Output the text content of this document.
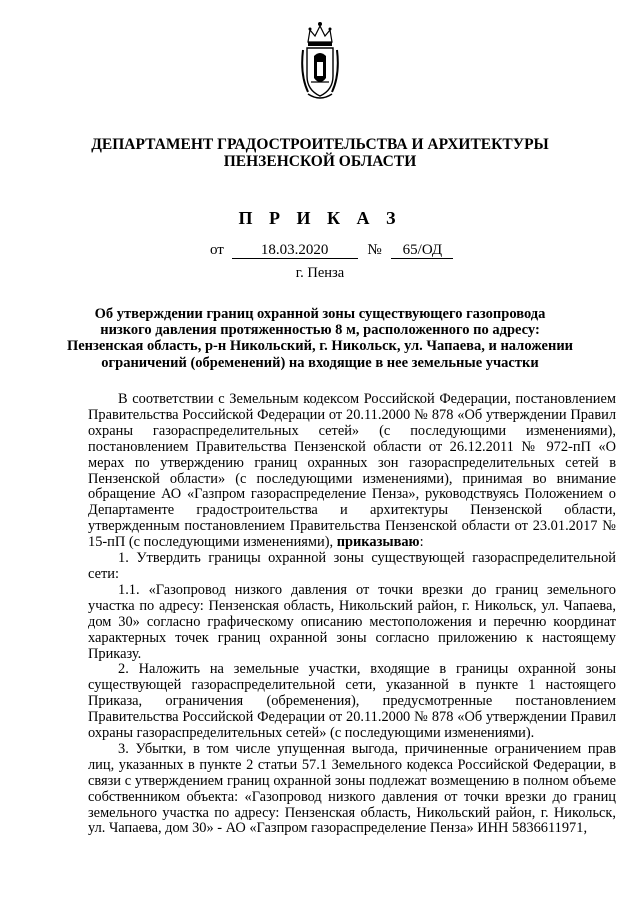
ДЕПАРТАМЕНТ ГРАДОСТРОИТЕЛЬСТВА И АРХИТЕКТУРЫ
ПЕНЗЕНСКОЙ ОБЛАСТИ
П Р И К А З
от 18.03.2020	№ 65/ОД
г. Пенза
Об утверждении границ охранной зоны существующего газопровода
низкого давления протяженностью 8 м, расположенного по адресу:
Пензенская область, р-н Никольский, г. Никольск, ул. Чапаева, и наложении
ограничений (обременений) на входящие в нее земельные участки

В соответствии с Земельным кодексом Российской Федерации, постановлением Правительства Российской Федерации от 20.11.2000 № 878 «Об утверждении Правил охраны газораспределительных сетей» (с последующими изменениями), постановлением Правительства Пензенской области от 26.12.2011 № 972-пП «О мерах по утверждению границ охранных зон газораспределительных сетей в Пензенской области» (с последующими изменениями), принимая во внимание обращение АО «Газпром газораспределение Пенза», руководствуясь Положением о Департаменте градостроительства и архитектуры Пензенской области, утвержденным постановлением Правительства Пензенской области от 23.01.2017 № 15-пП (с последующими изменениями), приказываю:

1. Утвердить границы охранной зоны существующей газораспределительной сети:

1.1. «Газопровод низкого давления от точки врезки до границ земельного участка по адресу: Пензенская область, Никольский район, г. Никольск, ул. Чапаева, дом 30» согласно графическому описанию местоположения и перечню координат характерных точек границ охранной зоны согласно приложению к настоящему Приказу.

2. Наложить на земельные участки, входящие в границы охранной зоны существующей газораспределительной сети, указанной в пункте 1 настоящего Приказа, ограничения (обременения), предусмотренные постановлением Правительства Российской Федерации от 20.11.2000 № 878 «Об утверждении Правил охраны газораспределительных сетей» (с последующими изменениями).

3. Убытки, в том числе упущенная выгода, причиненные ограничением прав лиц, указанных в пункте 2 статьи 57.1 Земельного кодекса Российской Федерации, в связи с утверждением границ охранной зоны подлежат возмещению в полном объеме собственником объекта: «Газопровод низкого давления от точки врезки до границ земельного участка по адресу: Пензенская область, Никольский район, г. Никольск, ул. Чапаева, дом 30» - АО «Газпром газораспределение Пенза» ИНН 5836611971,
